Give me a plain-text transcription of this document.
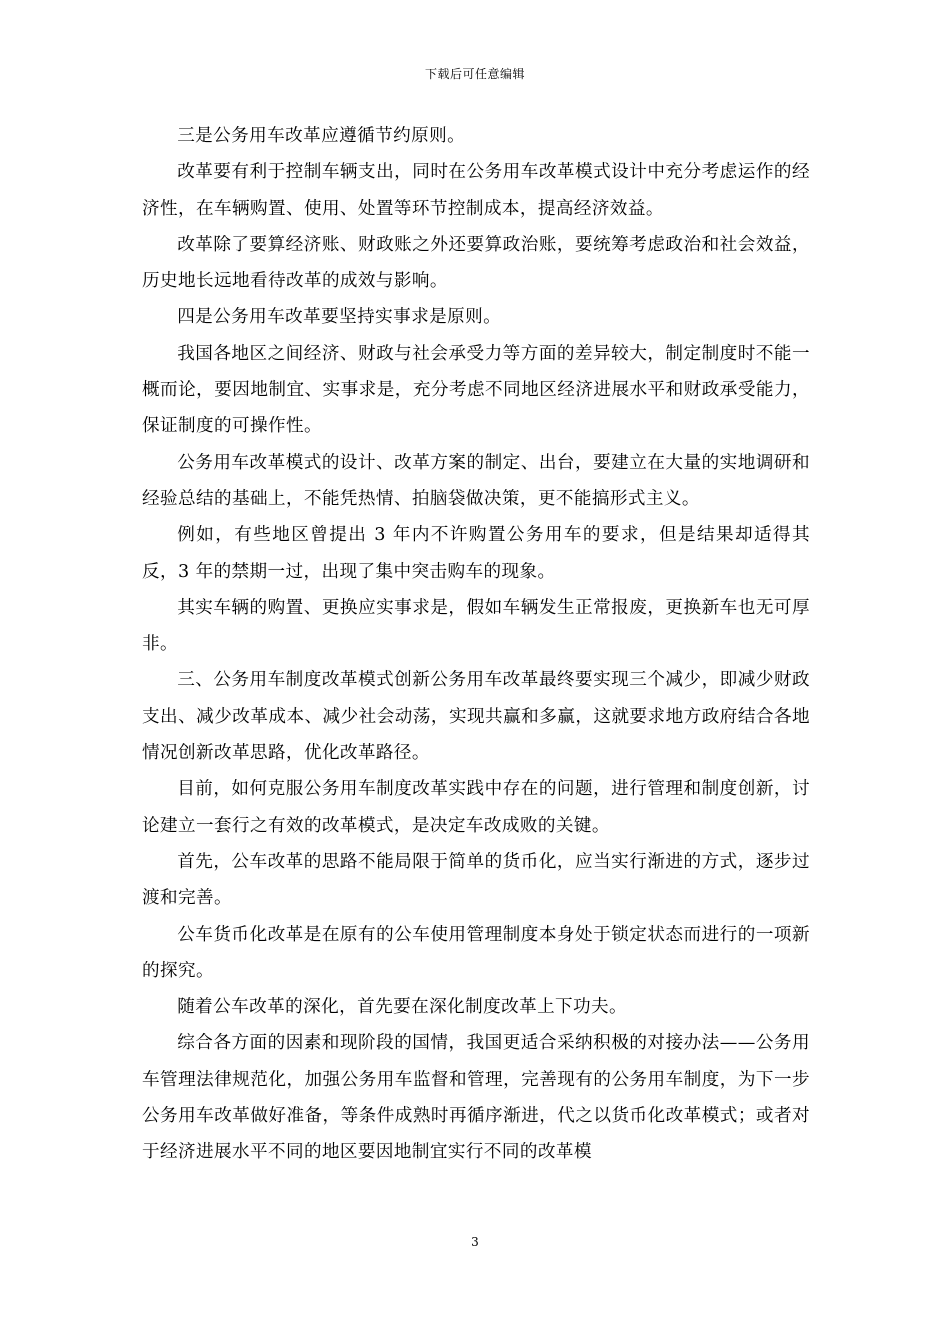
下载后可任意编辑

三是公务用车改革应遵循节约原则。

改革要有利于控制车辆支出，同时在公务用车改革模式设计中充分考虑运作的经济性，在车辆购置、使用、处置等环节控制成本，提高经济效益。

改革除了要算经济账、财政账之外还要算政治账，要统筹考虑政治和社会效益，历史地长远地看待改革的成效与影响。

四是公务用车改革要坚持实事求是原则。

我国各地区之间经济、财政与社会承受力等方面的差异较大，制定制度时不能一概而论，要因地制宜、实事求是，充分考虑不同地区经济进展水平和财政承受能力，保证制度的可操作性。

公务用车改革模式的设计、改革方案的制定、出台，要建立在大量的实地调研和经验总结的基础上，不能凭热情、拍脑袋做决策，更不能搞形式主义。

例如，有些地区曾提出 3 年内不许购置公务用车的要求，但是结果却适得其反，3 年的禁期一过，出现了集中突击购车的现象。

其实车辆的购置、更换应实事求是，假如车辆发生正常报废，更换新车也无可厚非。

三、公务用车制度改革模式创新公务用车改革最终要实现三个减少，即减少财政支出、减少改革成本、减少社会动荡，实现共赢和多赢，这就要求地方政府结合各地情况创新改革思路，优化改革路径。

目前，如何克服公务用车制度改革实践中存在的问题，进行管理和制度创新，讨论建立一套行之有效的改革模式，是决定车改成败的关键。

首先，公车改革的思路不能局限于简单的货币化，应当实行渐进的方式，逐步过渡和完善。

公车货币化改革是在原有的公车使用管理制度本身处于锁定状态而进行的一项新的探究。

随着公车改革的深化，首先要在深化制度改革上下功夫。

综合各方面的因素和现阶段的国情，我国更适合采纳积极的对接办法——公务用车管理法律规范化，加强公务用车监督和管理，完善现有的公务用车制度，为下一步公务用车改革做好准备，等条件成熟时再循序渐进，代之以货币化改革模式；或者对于经济进展水平不同的地区要因地制宜实行不同的改革模

3
